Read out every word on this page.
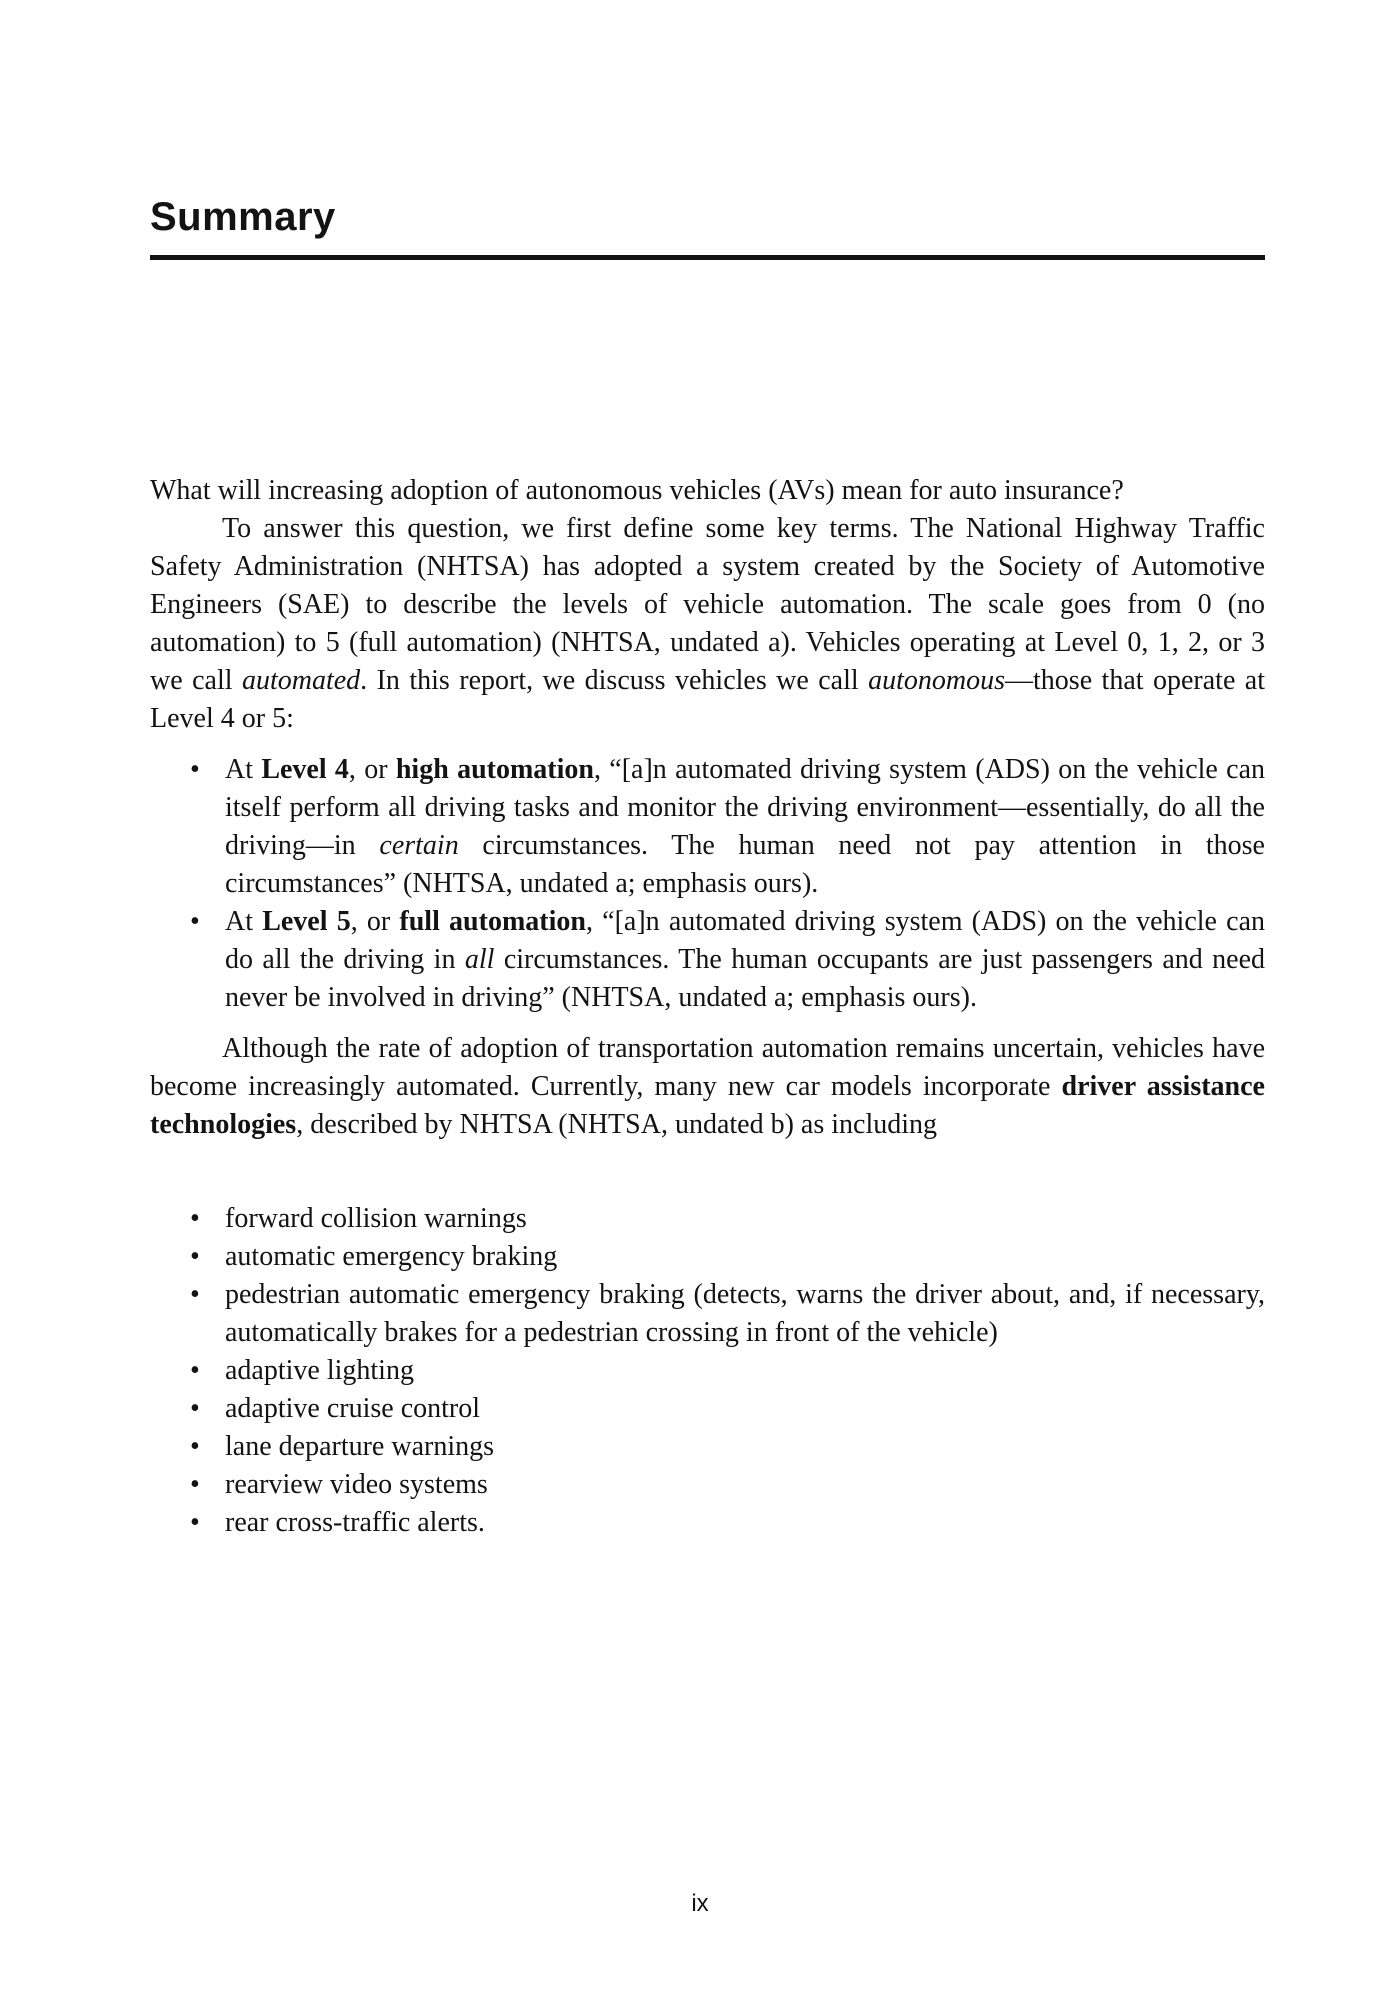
Summary

What will increasing adoption of autonomous vehicles (AVs) mean for auto insurance?

To answer this question, we first define some key terms. The National Highway Traffic Safety Administration (NHTSA) has adopted a system created by the Society of Automotive Engineers (SAE) to describe the levels of vehicle automation. The scale goes from 0 (no automation) to 5 (full automation) (NHTSA, undated a). Vehicles operating at Level 0, 1, 2, or 3 we call automated. In this report, we discuss vehicles we call autonomous—those that operate at Level 4 or 5:

• At Level 4, or high automation, “[a]n automated driving system (ADS) on the vehicle can itself perform all driving tasks and monitor the driving environment—essentially, do all the driving—in certain circumstances. The human need not pay attention in those circumstances” (NHTSA, undated a; emphasis ours).
• At Level 5, or full automation, “[a]n automated driving system (ADS) on the vehicle can do all the driving in all circumstances. The human occupants are just passengers and need never be involved in driving” (NHTSA, undated a; emphasis ours).

Although the rate of adoption of transportation automation remains uncertain, vehicles have become increasingly automated. Currently, many new car models incorporate driver assistance technologies, described by NHTSA (NHTSA, undated b) as including

• forward collision warnings
• automatic emergency braking
• pedestrian automatic emergency braking (detects, warns the driver about, and, if necessary, automatically brakes for a pedestrian crossing in front of the vehicle)
• adaptive lighting
• adaptive cruise control
• lane departure warnings
• rearview video systems
• rear cross-traffic alerts.
ix
